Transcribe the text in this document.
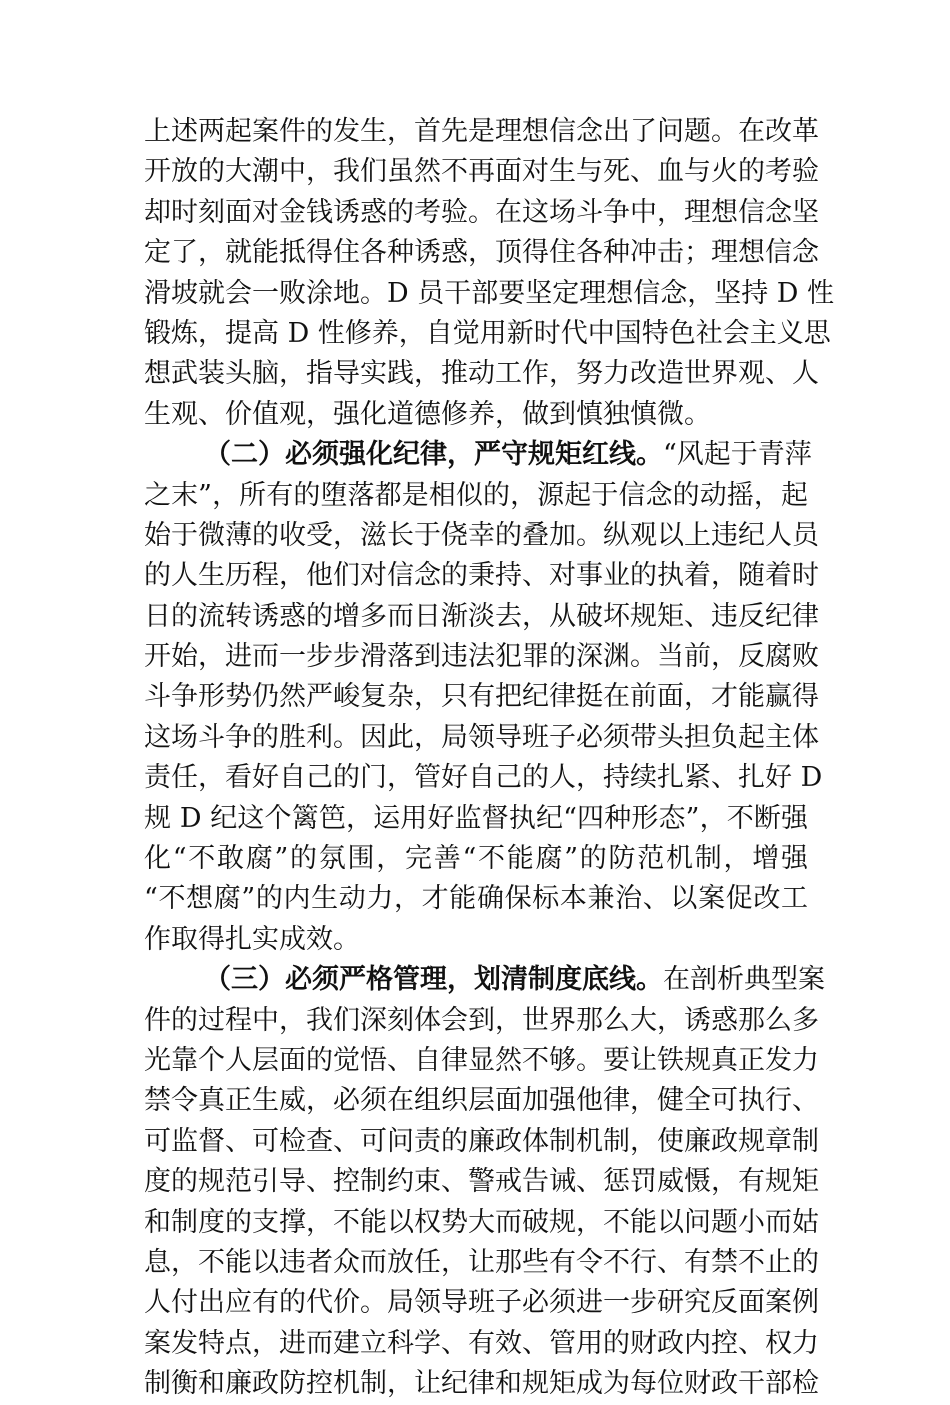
上述两起案件的发生，首先是理想信念出了问题。在改革
开放的大潮中，我们虽然不再面对生与死、血与火的考验
却时刻面对金钱诱惑的考验。在这场斗争中，理想信念坚
定了，就能抵得住各种诱惑，顶得住各种冲击；理想信念
滑坡就会一败涂地。D 员干部要坚定理想信念，坚持 D 性
锻炼，提高 D 性修养，自觉用新时代中国特色社会主义思
想武装头脑，指导实践，推动工作，努力改造世界观、人
生观、价值观，强化道德修养，做到慎独慎微。
（二）必须强化纪律，严守规矩红线。“风起于青萍
之末”，所有的堕落都是相似的，源起于信念的动摇，起
始于微薄的收受，滋长于侥幸的叠加。纵观以上违纪人员
的人生历程，他们对信念的秉持、对事业的执着，随着时
日的流转诱惑的增多而日渐淡去，从破坏规矩、违反纪律
开始，进而一步步滑落到违法犯罪的深渊。当前，反腐败
斗争形势仍然严峻复杂，只有把纪律挺在前面，才能赢得
这场斗争的胜利。因此，局领导班子必须带头担负起主体
责任，看好自己的门，管好自己的人，持续扎紧、扎好 D
规 D 纪这个篱笆，运用好监督执纪“四种形态”，不断强
化“不敢腐”的氛围，完善“不能腐”的防范机制，增强
“不想腐”的内生动力，才能确保标本兼治、以案促改工
作取得扎实成效。
（三）必须严格管理，划清制度底线。在剖析典型案
件的过程中，我们深刻体会到，世界那么大，诱惑那么多
光靠个人层面的觉悟、自律显然不够。要让铁规真正发力
禁令真正生威，必须在组织层面加强他律，健全可执行、
可监督、可检查、可问责的廉政体制机制，使廉政规章制
度的规范引导、控制约束、警戒告诫、惩罚威慑，有规矩
和制度的支撑，不能以权势大而破规，不能以问题小而姑
息，不能以违者众而放任，让那些有令不行、有禁不止的
人付出应有的代价。局领导班子必须进一步研究反面案例
案发特点，进而建立科学、有效、管用的财政内控、权力
制衡和廉政防控机制，让纪律和规矩成为每位财政干部检
